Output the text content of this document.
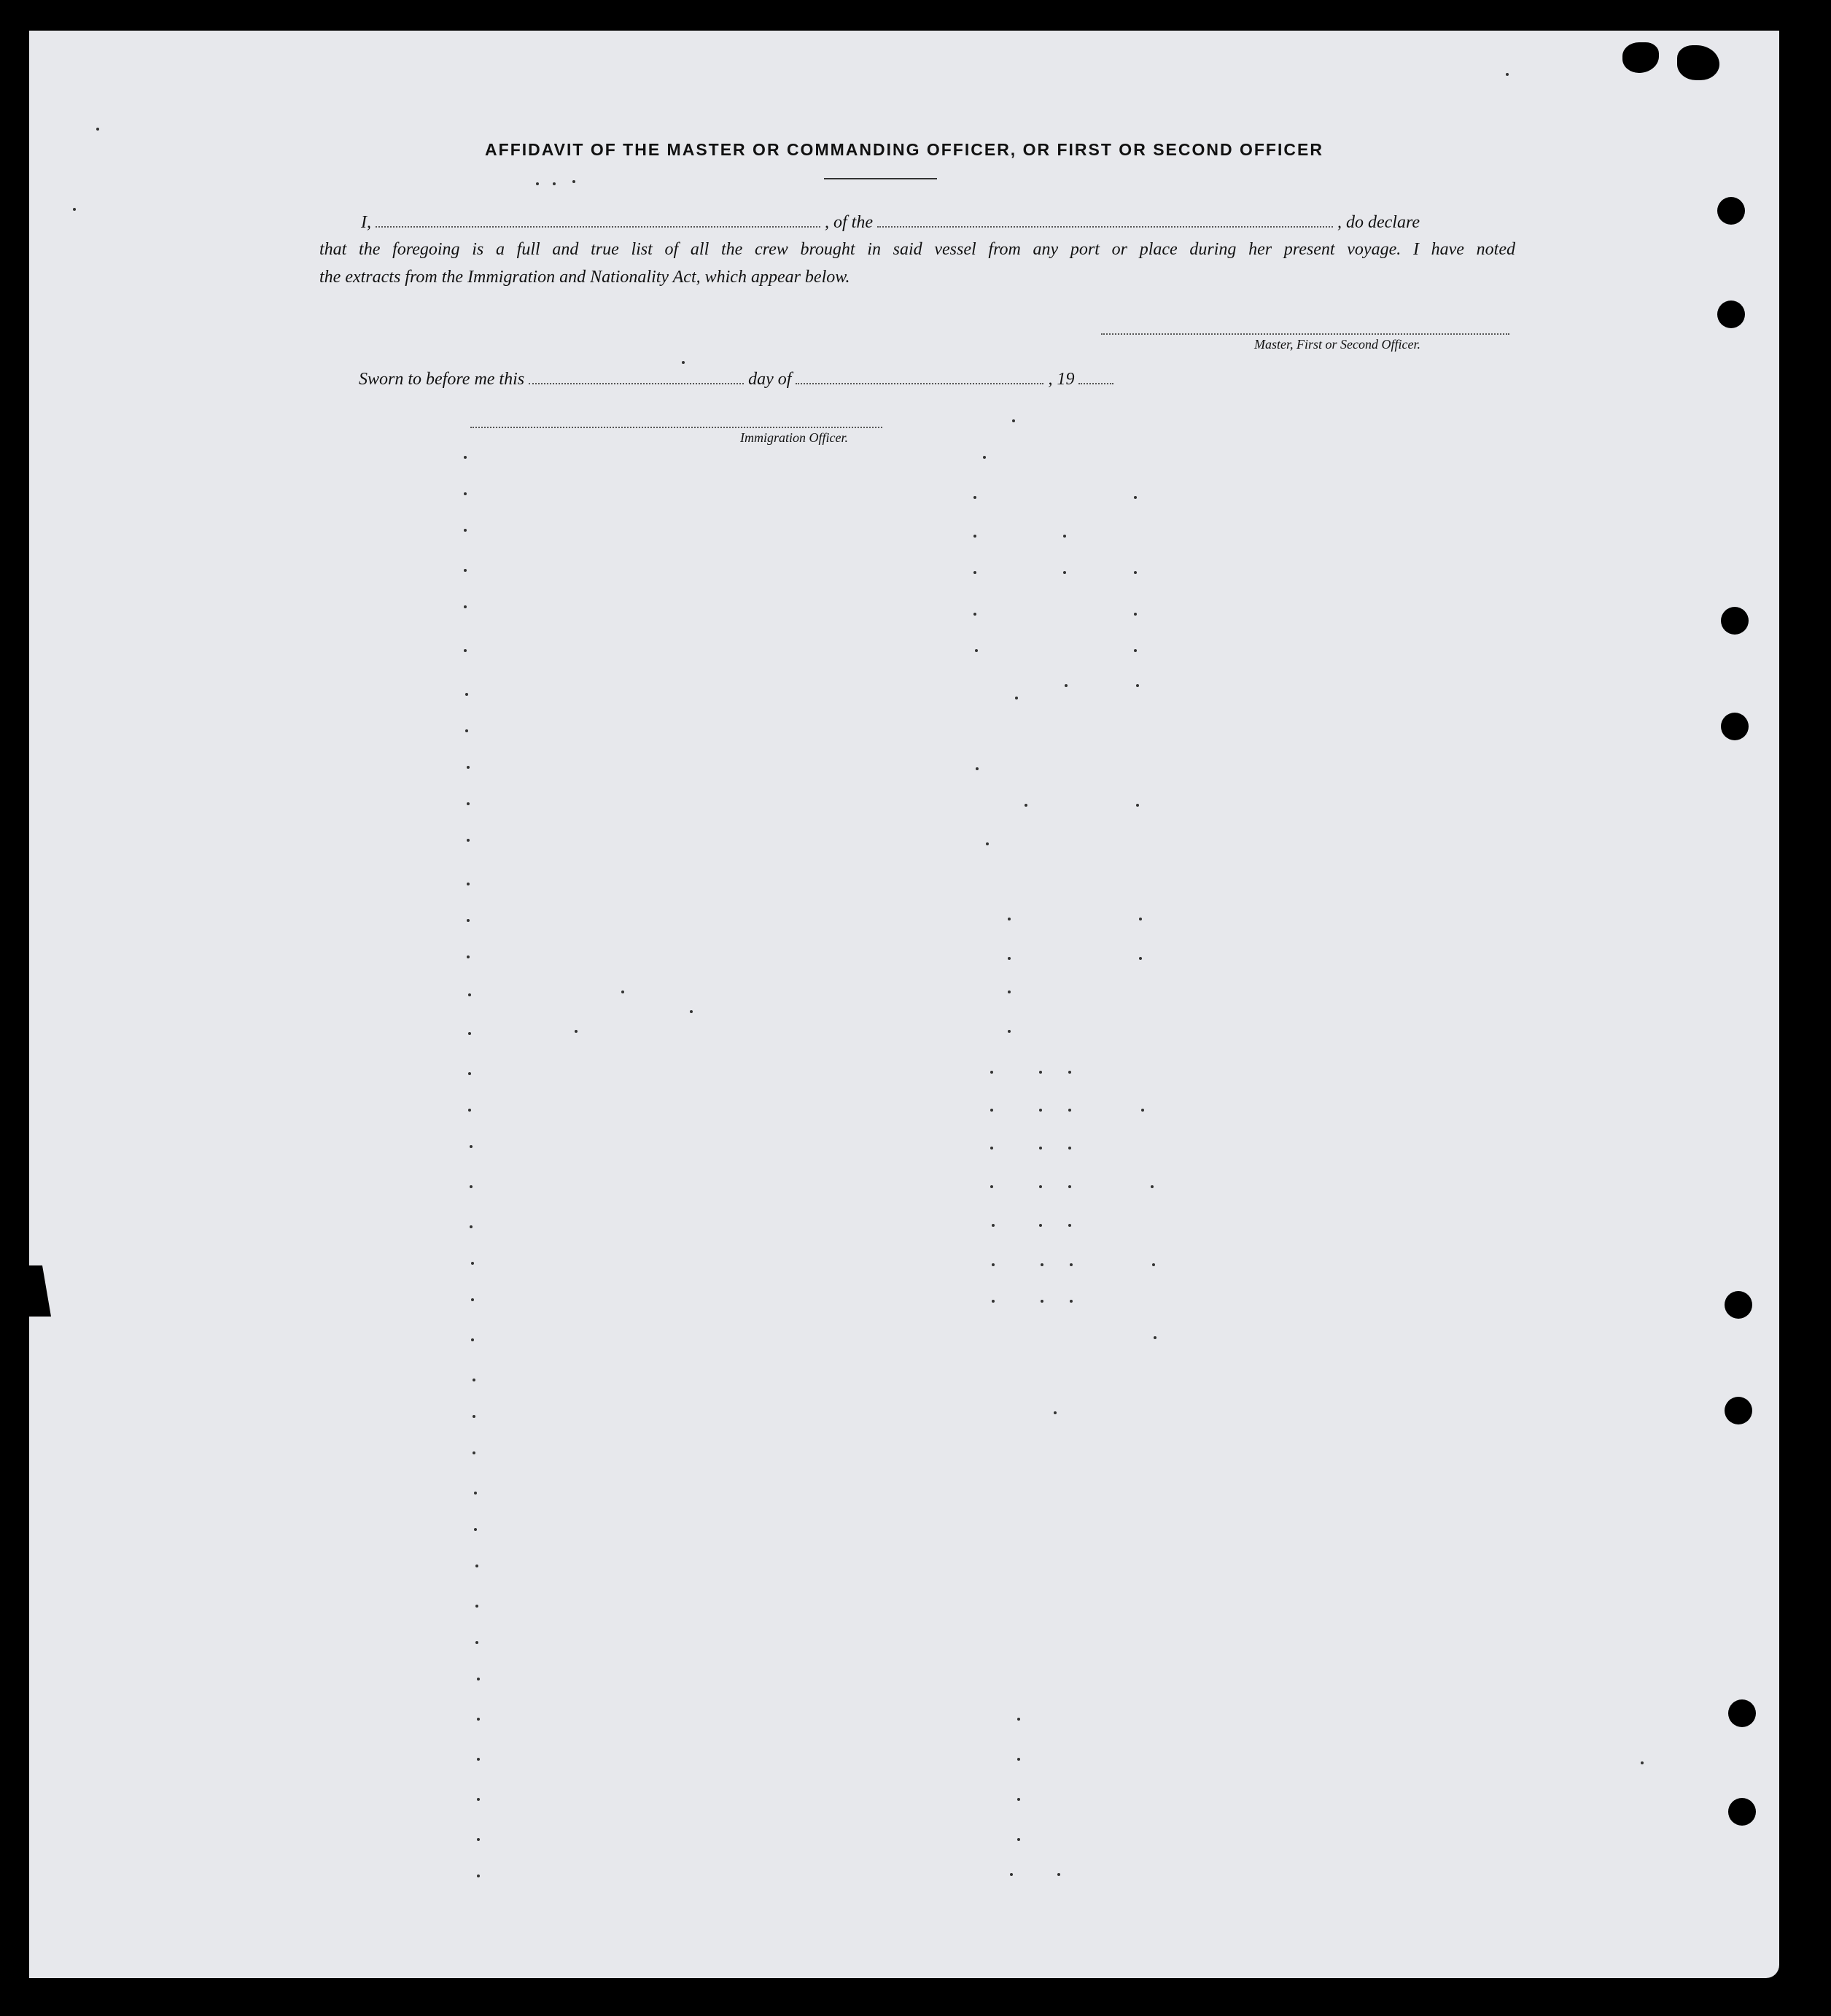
AFFIDAVIT OF THE MASTER OR COMMANDING OFFICER, OR FIRST OR SECOND OFFICER
I,	, of the	, do declare
that the foregoing is a full and true list of all the crew brought in said vessel from any port or place during her present voyage. I have noted
the extracts from the Immigration and Nationality Act, which appear below.
Master, First or Second Officer.
Sworn to before me this	day of	, 19
Immigration Officer.
